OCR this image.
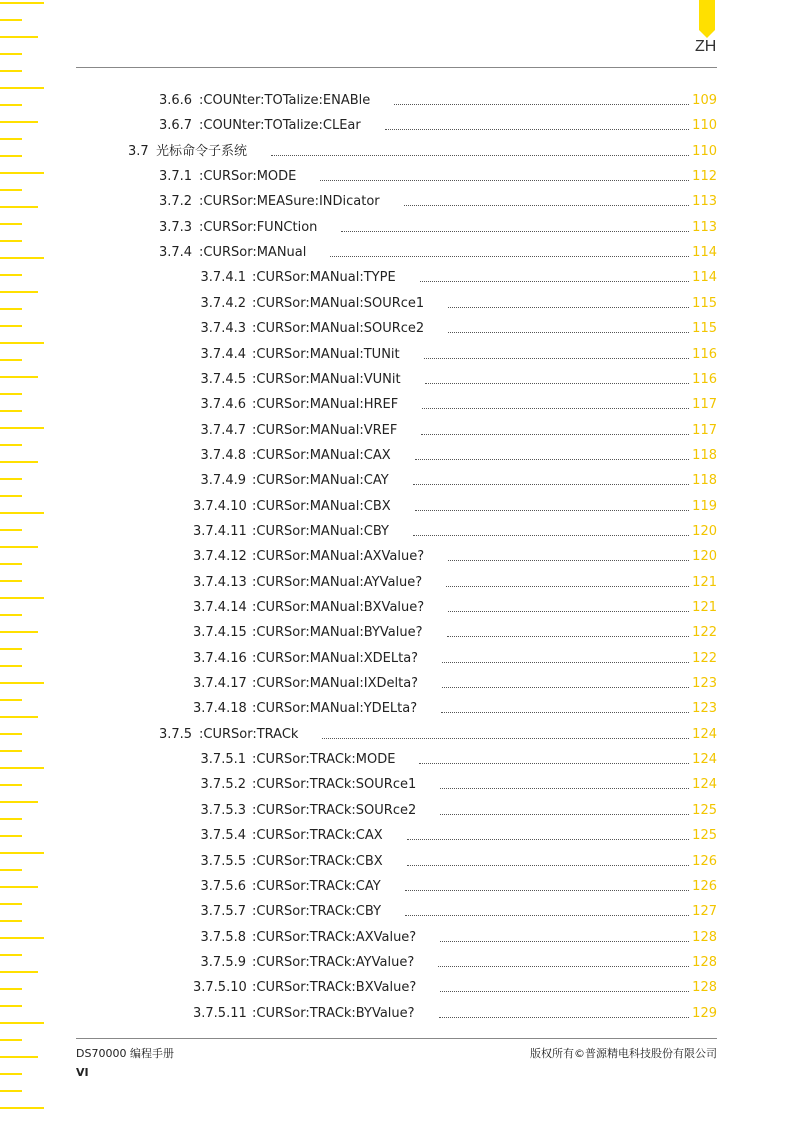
ZH
3.6.6 :COUNter:TOTalize:ENABle	109
3.6.7 :COUNter:TOTalize:CLEar	110
3.7 光标命令子系统	110
3.7.1 :CURSor:MODE	112
3.7.2 :CURSor:MEASure:INDicator	113
3.7.3 :CURSor:FUNCtion	113
3.7.4 :CURSor:MANual	114
3.7.4.1 :CURSor:MANual:TYPE	114
3.7.4.2 :CURSor:MANual:SOURce1	115
3.7.4.3 :CURSor:MANual:SOURce2	115
3.7.4.4 :CURSor:MANual:TUNit	116
3.7.4.5 :CURSor:MANual:VUNit	116
3.7.4.6 :CURSor:MANual:HREF	117
3.7.4.7 :CURSor:MANual:VREF	117
3.7.4.8 :CURSor:MANual:CAX	118
3.7.4.9 :CURSor:MANual:CAY	118
3.7.4.10 :CURSor:MANual:CBX	119
3.7.4.11 :CURSor:MANual:CBY	120
3.7.4.12 :CURSor:MANual:AXValue?	120
3.7.4.13 :CURSor:MANual:AYValue?	121
3.7.4.14 :CURSor:MANual:BXValue?	121
3.7.4.15 :CURSor:MANual:BYValue?	122
3.7.4.16 :CURSor:MANual:XDELta?	122
3.7.4.17 :CURSor:MANual:IXDelta?	123
3.7.4.18 :CURSor:MANual:YDELta?	123
3.7.5 :CURSor:TRACk	124
3.7.5.1 :CURSor:TRACk:MODE	124
3.7.5.2 :CURSor:TRACk:SOURce1	124
3.7.5.3 :CURSor:TRACk:SOURce2	125
3.7.5.4 :CURSor:TRACk:CAX	125
3.7.5.5 :CURSor:TRACk:CBX	126
3.7.5.6 :CURSor:TRACk:CAY	126
3.7.5.7 :CURSor:TRACk:CBY	127
3.7.5.8 :CURSor:TRACk:AXValue?	128
3.7.5.9 :CURSor:TRACk:AYValue?	128
3.7.5.10 :CURSor:TRACk:BXValue?	128
3.7.5.11 :CURSor:TRACk:BYValue?	129
DS70000 编程手册	版权所有©普源精电科技股份有限公司
VI
